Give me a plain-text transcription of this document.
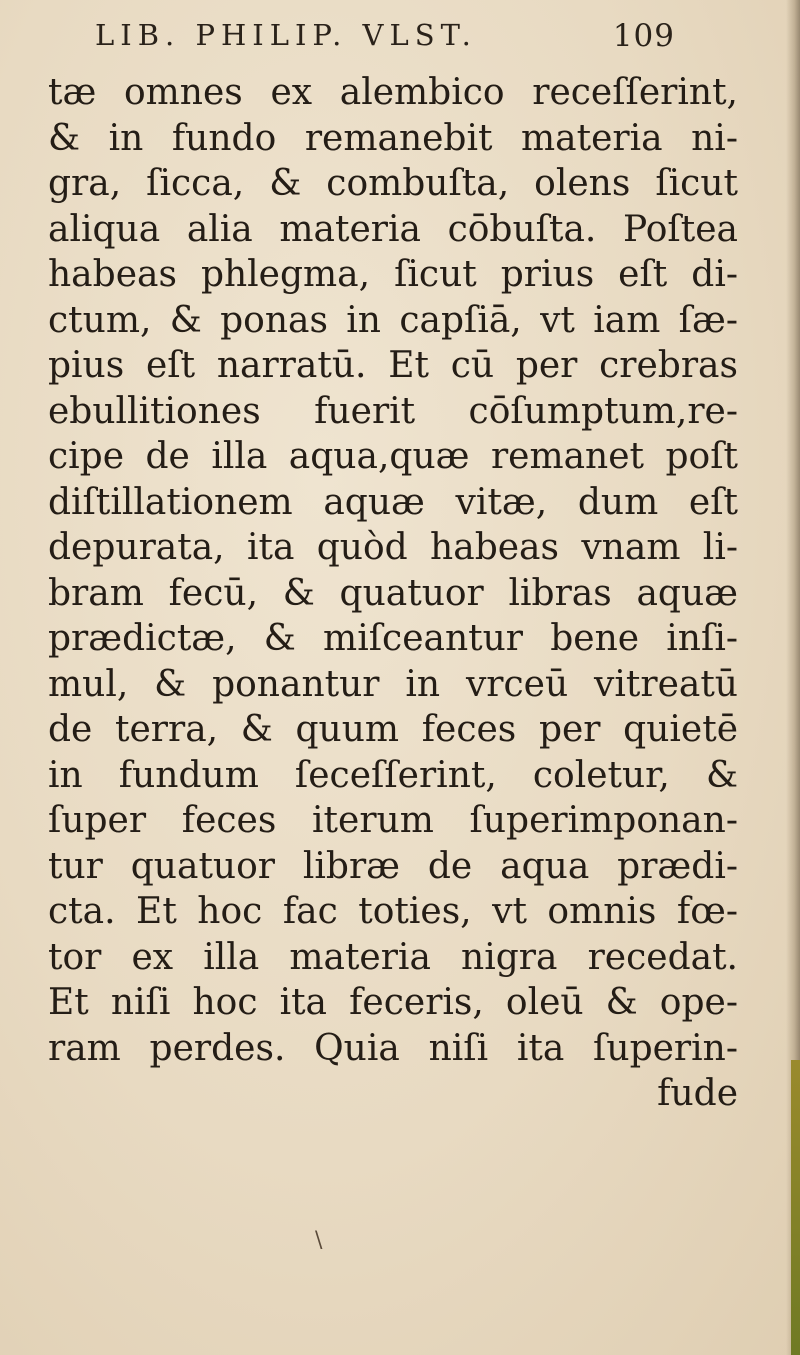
LIB. PHILIP. VLST.	109
tæ omnes ex alembico receſſerint,
& in fundo remanebit materia ni-
gra, ſicca, & combuſta, olens ſicut
aliqua alia materia cōbuſta. Poſtea
habeas phlegma, ſicut prius eſt di-
ctum, & ponas in capſiā, vt iam ſæ-
pius eſt narratū. Et cū per crebras
ebullitiones fuerit cōſumptum,re-
cipe de illa aqua,quæ remanet poſt
diſtillationem aquæ vitæ, dum eſt
depurata, ita quòd habeas vnam li-
bram fecū, & quatuor libras aquæ
prædictæ, & miſceantur bene inſi-
mul, & ponantur in vrceū vitreatū
de terra, & quum feces per quietē
in fundum ſeceſſerint, coletur, &
ſuper feces iterum ſuperimponan-
tur quatuor libræ de aqua prædi-
cta. Et hoc fac toties, vt omnis fœ-
tor ex illa materia nigra recedat.
Et niſi hoc ita feceris, oleū & ope-
ram perdes. Quia niſi ita ſuperin-
fude
\
